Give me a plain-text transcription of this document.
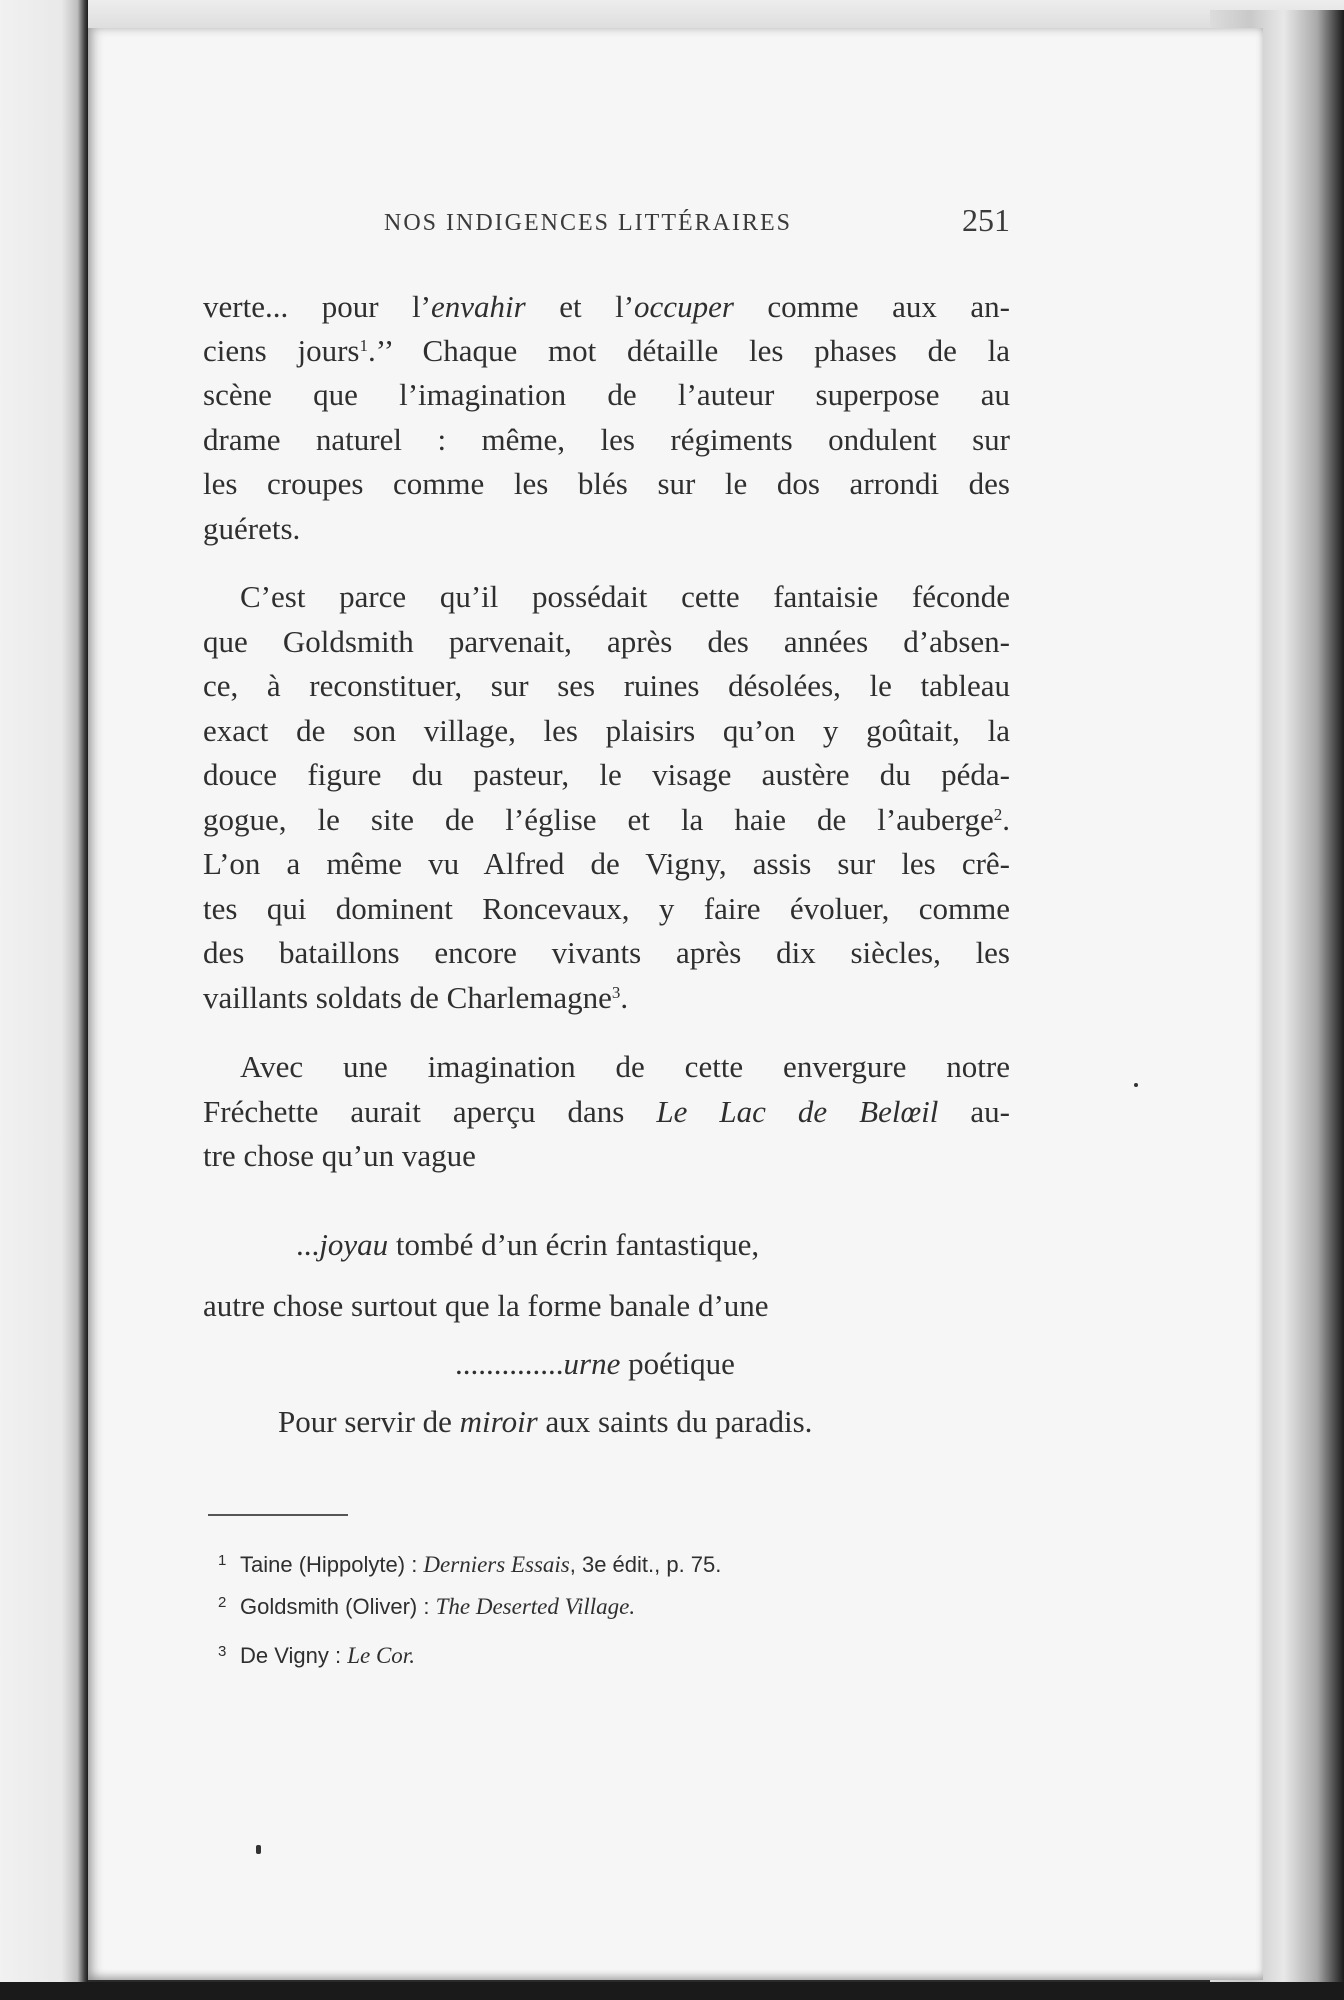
NOS INDIGENCES LITTÉRAIRES	251
verte... pour l’envahir et l’occuper comme aux an-
ciens jours$^1$.’’ Chaque mot détaille les phases de la
scène que l’imagination de l’auteur superpose au
drame naturel : même, les régiments ondulent sur
les croupes comme les blés sur le dos arrondi des
guérets.
C’est parce qu’il possédait cette fantaisie féconde
que Goldsmith parvenait, après des années d’absen-
ce, à reconstituer, sur ses ruines désolées, le tableau
exact de son village, les plaisirs qu’on y goûtait, la
douce figure du pasteur, le visage austère du péda-
gogue, le site de l’église et la haie de l’auberge$^2$.
L’on a même vu Alfred de Vigny, assis sur les crê-
tes qui dominent Roncevaux, y faire évoluer, comme
des bataillons encore vivants après dix siècles, les
vaillants soldats de Charlemagne$^3$.
Avec une imagination de cette envergure notre
Fréchette aurait aperçu dans Le Lac de Belœil au-
tre chose qu’un vague
...joyau tombé d’un écrin fantastique,
autre chose surtout que la forme banale d’une
..............urne poétique
Pour servir de miroir aux saints du paradis.
1 Taine (Hippolyte) : Derniers Essais, 3e édit., p. 75.
2 Goldsmith (Oliver) : The Deserted Village.
3 De Vigny : Le Cor.
